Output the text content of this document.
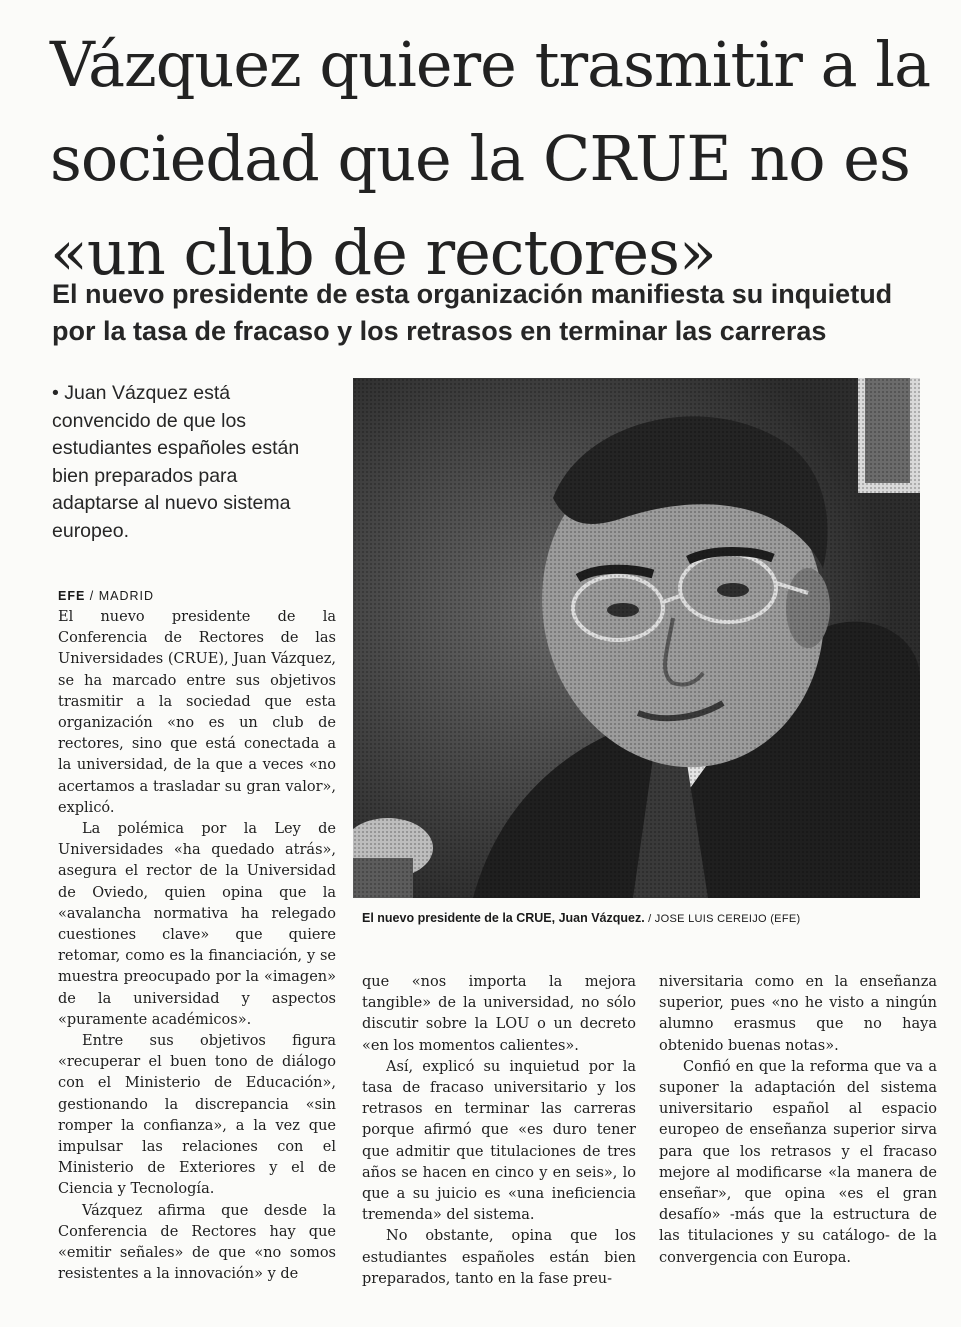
Vázquez quiere trasmitir a la sociedad que la CRUE no es «un club de rectores»
El nuevo presidente de esta organización manifiesta su inquietud por la tasa de fracaso y los retrasos en terminar las carreras

• Juan Vázquez está convencido de que los estudiantes españoles están bien preparados para adaptarse al nuevo sistema europeo.

El nuevo presidente de la CRUE, Juan Vázquez. / JOSE LUIS CEREIJO (EFE)
EFE / MADRID

El nuevo presidente de la Conferencia de Rectores de las Universidades (CRUE), Juan Vázquez, se ha marcado entre sus objetivos trasmitir a la sociedad que esta organización «no es un club de rectores, sino que está conectada a la universidad, de la que a veces «no acertamos a trasladar su gran valor», explicó.

La polémica por la Ley de Universidades «ha quedado atrás», asegura el rector de la Universidad de Oviedo, quien opina que la «avalancha normativa ha relegado cuestiones clave» que quiere retomar, como es la financiación, y se muestra preocupado por la «imagen» de la universidad y aspectos «puramente académicos».

Entre sus objetivos figura «recuperar el buen tono de diálogo con el Ministerio de Educación», gestionando la discrepancia «sin romper la confianza», a la vez que impulsar las relaciones con el Ministerio de Exteriores y el de Ciencia y Tecnología.

Vázquez afirma que desde la Conferencia de Rectores hay que «emitir señales» de que «no somos resistentes a la innovación» y de

que «nos importa la mejora tangible» de la universidad, no sólo discutir sobre la LOU o un decreto «en los momentos calientes».

Así, explicó su inquietud por la tasa de fracaso universitario y los retrasos en terminar las carreras porque afirmó que «es duro tener que admitir que titulaciones de tres años se hacen en cinco y en seis», lo que a su juicio es «una ineficiencia tremenda» del sistema.

No obstante, opina que los estudiantes españoles están bien preparados, tanto en la fase preu-

niversitaria como en la enseñanza superior, pues «no he visto a ningún alumno erasmus que no haya obtenido buenas notas».

Confió en que la reforma que va a suponer la adaptación del sistema universitario español al espacio europeo de enseñanza superior sirva para que los retrasos y el fracaso mejore al modificarse «la manera de enseñar», que opina «es el gran desafío» -más que la estructura de las titulaciones y su catálogo- de la convergencia con Europa.
